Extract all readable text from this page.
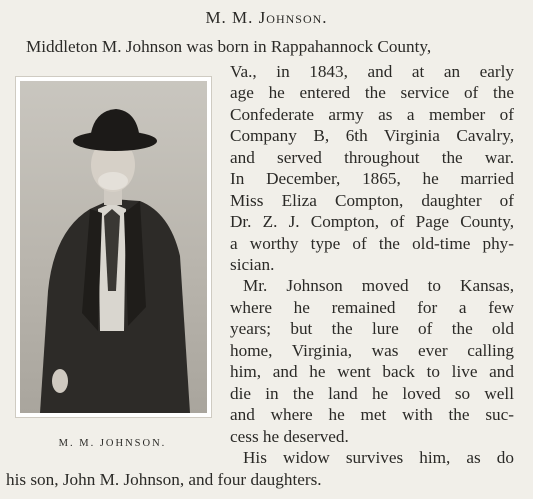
M. M. Johnson.
Middleton M. Johnson was born in Rappahannock County,
Va., in 1843, and at an early
age he entered the service of the
Confederate army as a member of
Company B, 6th Virginia Cavalry,
and served throughout the war.
In December, 1865, he married
Miss Eliza Compton, daughter of
Dr. Z. J. Compton, of Page County,
a worthy type of the old-time phy-
sician.
Mr. Johnson moved to Kansas,
where he remained for a few
years; but the lure of the old
home, Virginia, was ever calling
him, and he went back to live and
die in the land he loved so well
and where he met with the suc-
cess he deserved.
His widow survives him, as do
his son, John M. Johnson, and four daughters.
M. M. JOHNSON.
